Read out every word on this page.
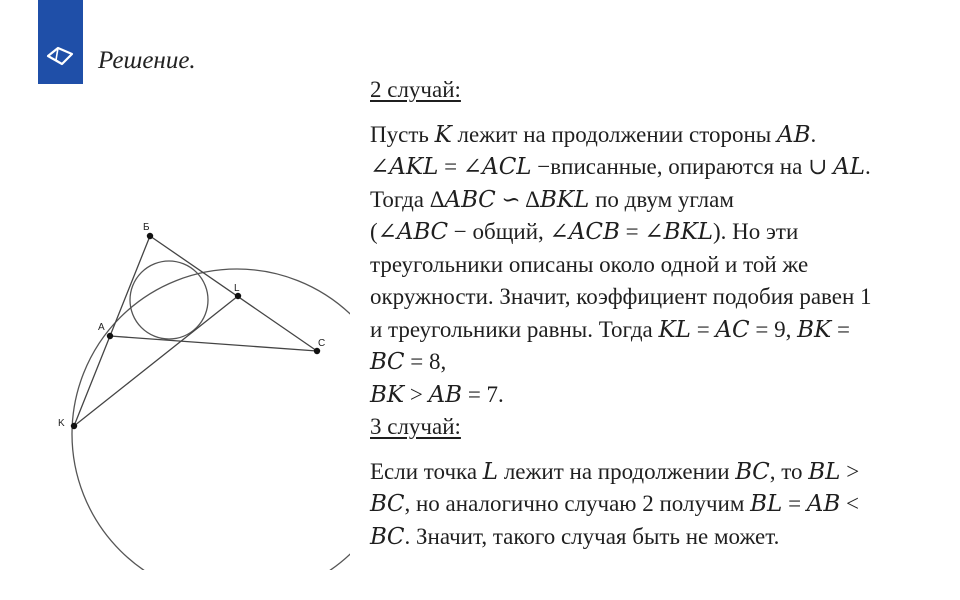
Решение.
Б
L
A
C
K

2 случай:

Пусть 𝐾 лежит на продолжении стороны 𝐴𝐵.

∠𝐴𝐾𝐿 = ∠𝐴𝐶𝐿 −вписанные, опираются на ∪ 𝐴𝐿.

Тогда Δ𝐴𝐵𝐶 ∽ Δ𝐵𝐾𝐿 по двум углам

(∠𝐴𝐵𝐶 − общий, ∠𝐴𝐶𝐵 = ∠𝐵𝐾𝐿). Но эти

треугольники описаны около одной и той же

окружности. Значит, коэффициент подобия равен 1

и треугольники равны. Тогда 𝐾𝐿 = 𝐴𝐶 = 9, 𝐵𝐾 =

𝐵𝐶 = 8,

𝐵𝐾 > 𝐴𝐵 = 7.

3 случай:

Если точка 𝐿 лежит на продолжении 𝐵𝐶, то 𝐵𝐿 >

𝐵𝐶, но аналогично случаю 2 получим 𝐵𝐿 = 𝐴𝐵 <

𝐵𝐶. Значит, такого случая быть не может.
